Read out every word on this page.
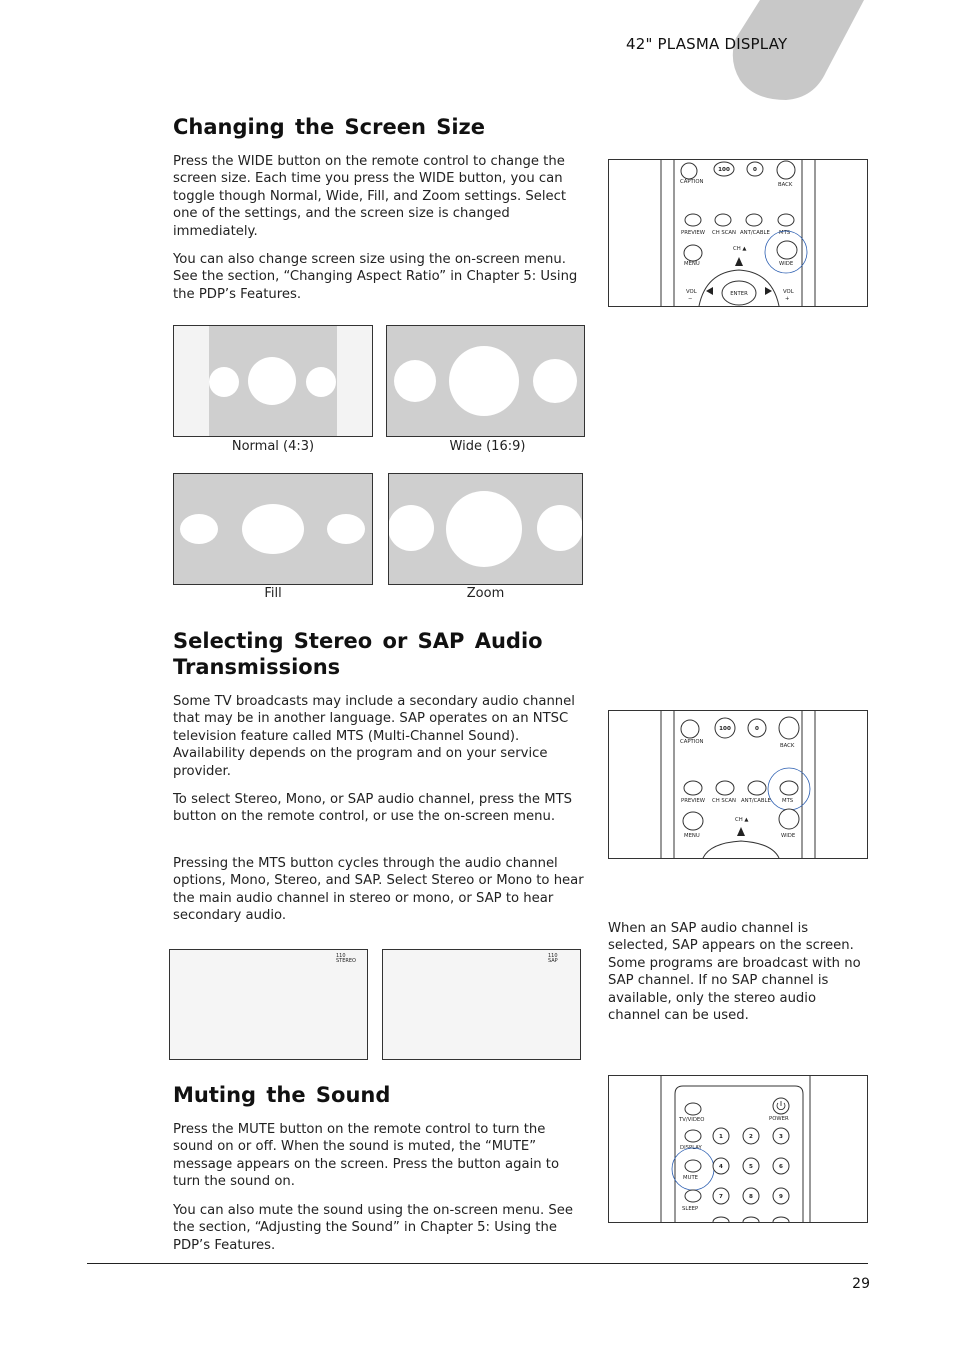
42" PLASMA DISPLAY
Changing the Screen Size

Press the WIDE button on the remote control to change the screen size. Each time you press the WIDE button, you can toggle though Normal, Wide, Fill, and Zoom settings. Select one of the settings, and the screen size is changed immediately.

You can also change screen size using the on-screen menu. See the section, “Changing Aspect Ratio” in Chapter 5: Using the PDP’s Features.

100	0
CAPTION	BACK
PREVIEW CH SCAN ANT/CABLE MTS
CH ▲
MENU	WIDE
ENTER
VOL
−
VOL
+
Normal (4:3)	Wide (16:9)
Fill	Zoom
Selecting Stereo or SAP Audio
Transmissions

Some TV broadcasts may include a secondary audio channel that may be in another language. SAP operates on an NTSC television feature called MTS (Multi-Channel Sound). Availability depends on the program and on your service provider.

To select Stereo, Mono, or SAP audio channel, press the MTS button on the remote control, or use the on-screen menu.

Pressing the MTS button cycles through the audio channel options, Mono, Stereo, and SAP. Select Stereo or Mono to hear the main audio channel in stereo or mono, or SAP to hear secondary audio.

100	0
CAPTION
BACK
PREVIEW CH SCAN ANT/CABLE MTS
CH ▲
MENU	WIDE
110
STEREO
110
SAP

When an SAP audio channel is selected, SAP appears on the screen. Some programs are broadcast with no SAP channel. If no SAP channel is available, only the stereo audio channel can be used.

Muting the Sound

Press the MUTE button on the remote control to turn the sound on or off. When the sound is muted, the “MUTE” message appears on the screen. Press the button again to turn the sound on.

You can also mute the sound using the on-screen menu. See the section, “Adjusting the Sound” in Chapter 5: Using the PDP’s Features.

TV/VIDEO	POWER
DISPLAY
1	2	3
MUTE
4	5	6
SLEEP
7	8	9
29
